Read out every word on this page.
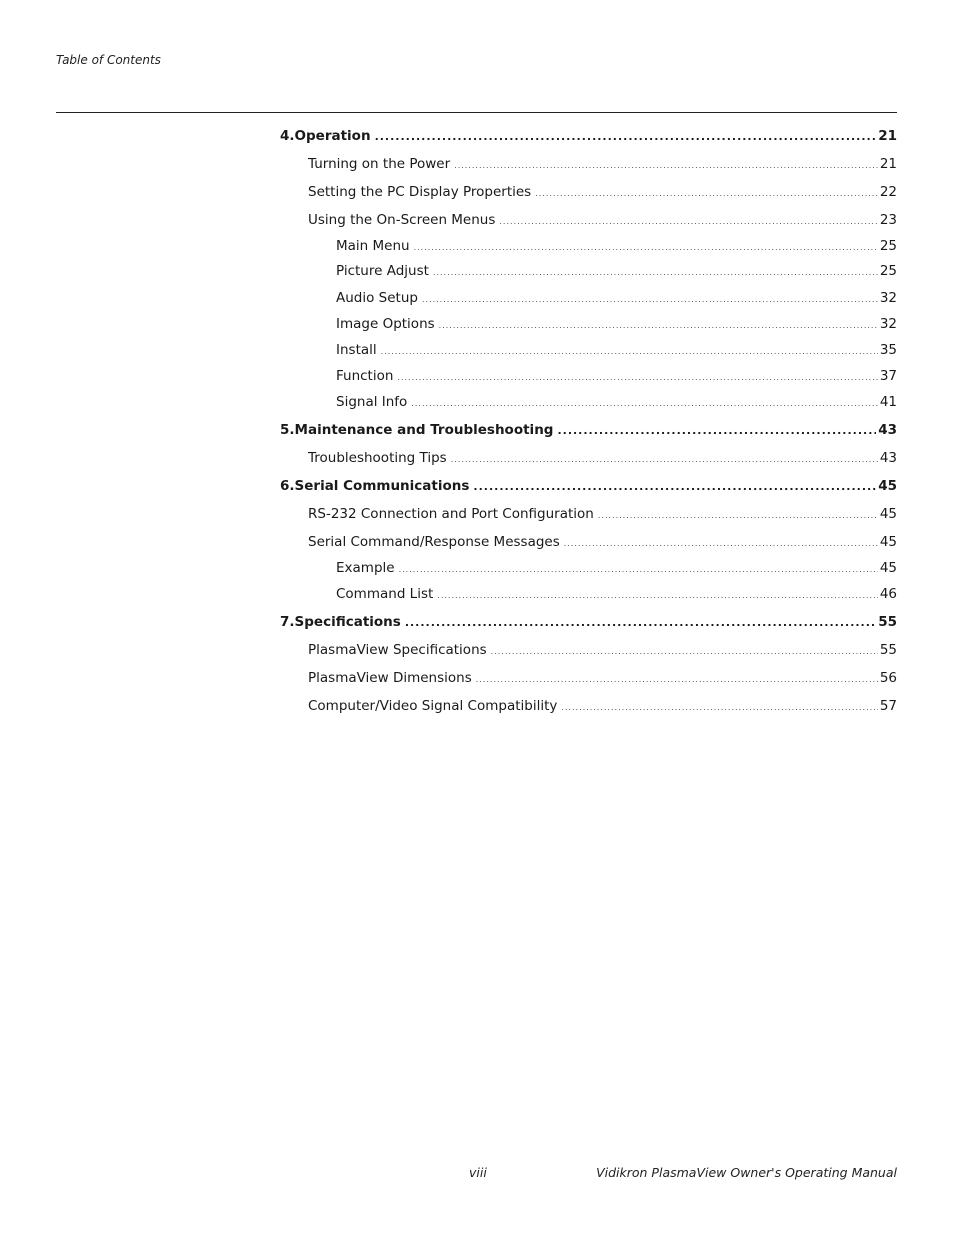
Table of Contents
4. Operation .....	21
Turning on the Power .....	21
Setting the PC Display Properties .....	22
Using the On-Screen Menus .....	23
Main Menu .....	25
Picture Adjust .....	25
Audio Setup .....	32
Image Options .....	32
Install .....	35
Function .....	37
Signal Info .....	41
5. Maintenance and Troubleshooting .....	43
Troubleshooting Tips .....	43
6. Serial Communications .....	45
RS-232 Connection and Port Configuration .....	45
Serial Command/Response Messages .....	45
Example .....	45
Command List .....	46
7. Specifications .....	55
PlasmaView Specifications .....	55
PlasmaView Dimensions .....	56
Computer/Video Signal Compatibility .....	57
viii	Vidikron PlasmaView Owner's Operating Manual
